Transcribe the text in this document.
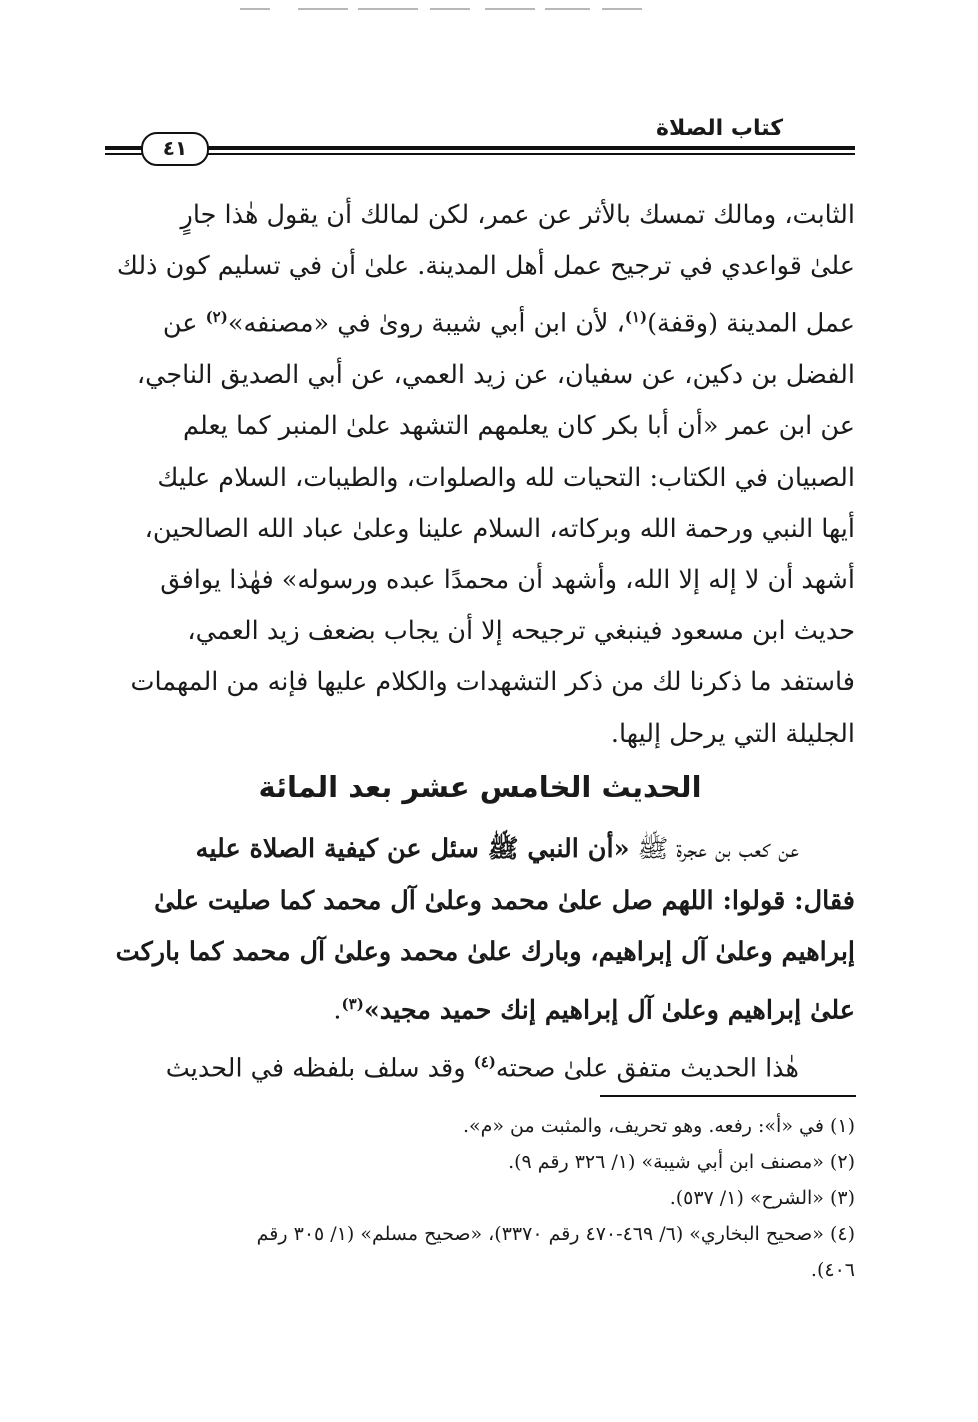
كتاب الصلاة
٤١

الثابت، ومالك تمسك بالأثر عن عمر، لكن لمالك أن يقول هٰذا جارٍ

علىٰ قواعدي في ترجيح عمل أهل المدينة. علىٰ أن في تسليم كون ذلك

عمل المدينة (وقفة)$^{(١)}$، لأن ابن أبي شيبة روىٰ في «مصنفه»$^{(٢)}$ عن

الفضل بن دكين، عن سفيان، عن زيد العمي، عن أبي الصديق الناجي،

عن ابن عمر «أن أبا بكر كان يعلمهم التشهد علىٰ المنبر كما يعلم

الصبيان في الكتاب: التحيات لله والصلوات، والطيبات، السلام عليك

أيها النبي ورحمة الله وبركاته، السلام علينا وعلىٰ عباد الله الصالحين،

أشهد أن لا إله إلا الله، وأشهد أن محمدًا عبده ورسوله» فهٰذا يوافق

حديث ابن مسعود فينبغي ترجيحه إلا أن يجاب بضعف زيد العمي،

فاستفد ما ذكرنا لك من ذكر التشهدات والكلام عليها فإنه من المهمات

الجليلة التي يرحل إليها.

الحديث الخامس عشر بعد المائة

عن كعب بن عجرة ﷺ «أن النبي ﷺ سئل عن كيفية الصلاة عليه

فقال: قولوا: اللهم صل علىٰ محمد وعلىٰ آل محمد كما صليت علىٰ

إبراهيم وعلىٰ آل إبراهيم، وبارك علىٰ محمد وعلىٰ آل محمد كما باركت

علىٰ إبراهيم وعلىٰ آل إبراهيم إنك حميد مجيد»$^{(٣)}$.

هٰذا الحديث متفق علىٰ صحته$^{(٤)}$ وقد سلف بلفظه في الحديث

(١) في «أ»: رفعه. وهو تحريف، والمثبت من «م».

(٢) «مصنف ابن أبي شيبة» (١/ ٣٢٦ رقم ٩).

(٣) «الشرح» (١/ ٥٣٧).

(٤) «صحيح البخاري» (٦/ ٤٦٩-٤٧٠ رقم ٣٣٧٠)، «صحيح مسلم» (١/ ٣٠٥ رقم

٤٠٦).
